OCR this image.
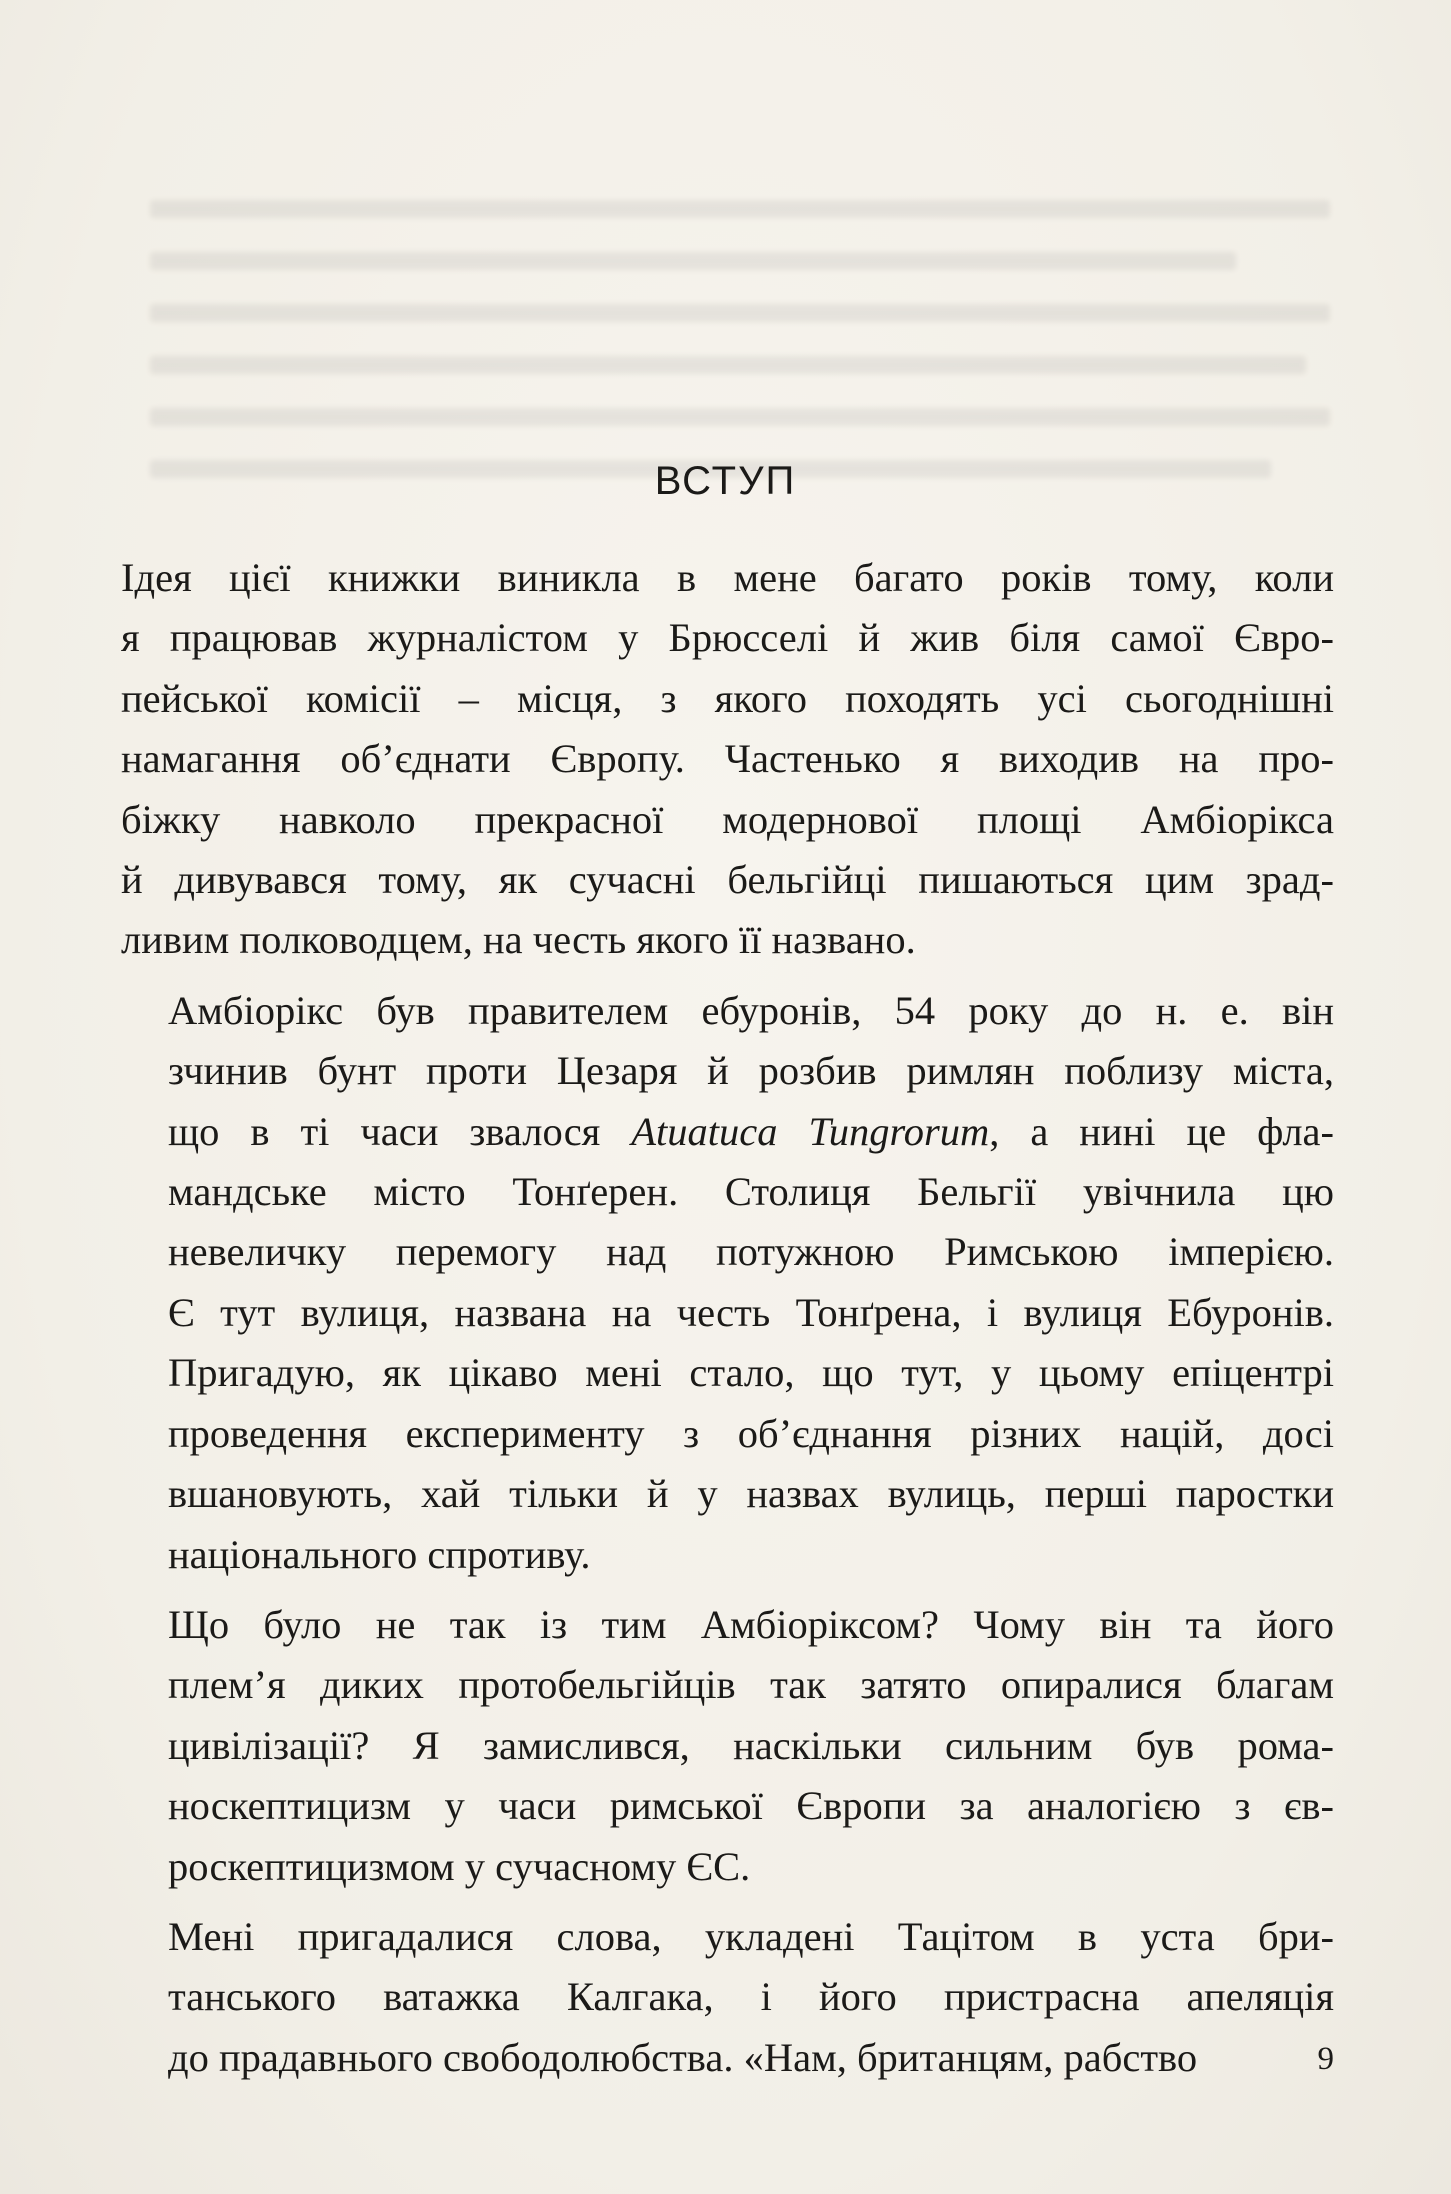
ВСТУП

Ідея цієї книжки виникла в мене багато років тому, коли
я працював журналістом у Брюсселі й жив біля самої Євро-
пейської комісії – місця, з якого походять усі сьогоднішні
намагання об’єднати Європу. Частенько я виходив на про-
біжку навколо прекрасної модернової площі Амбіорікса
й дивувався тому, як сучасні бельгійці пишаються цим зрад-
ливим полководцем, на честь якого її названо.

Амбіорікс був правителем ебуронів, 54 року до н. е. він
зчинив бунт проти Цезаря й розбив римлян поблизу міста,
що в ті часи звалося Atuatuca Tungrorum, а нині це фла-
мандське місто Тонґерен. Столиця Бельгії увічнила цю
невеличку перемогу над потужною Римською імперією.
Є тут вулиця, названа на честь Тонґрена, і вулиця Ебуронів.
Пригадую, як цікаво мені стало, що тут, у цьому епіцентрі
проведення експерименту з об’єднання різних націй, досі
вшановують, хай тільки й у назвах вулиць, перші паростки
національного спротиву.

Що було не так із тим Амбіоріксом? Чому він та його
плем’я диких протобельгійців так затято опиралися благам
цивілізації? Я замислився, наскільки сильним був рома-
носкептицизм у часи римської Європи за аналогією з єв-
роскептицизмом у сучасному ЄС.

Мені пригадалися слова, укладені Тацітом в уста бри-
танського ватажка Калгака, і його пристрасна апеляція
до прадавнього свободолюбства. «Нам, британцям, рабство	9
